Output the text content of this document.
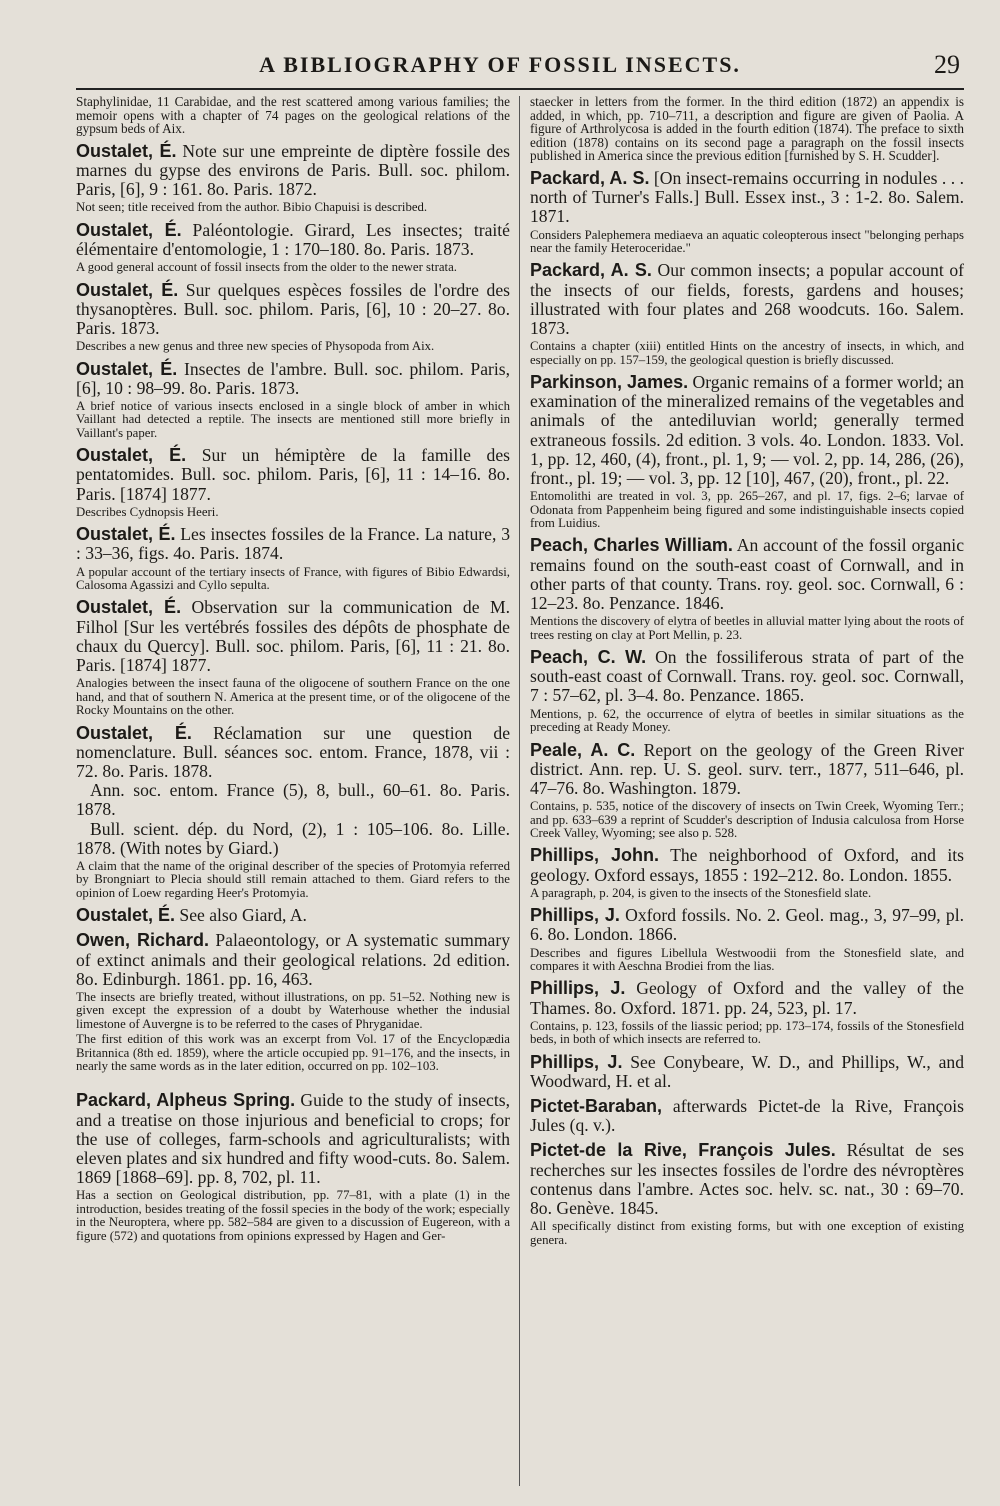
A BIBLIOGRAPHY OF FOSSIL INSECTS.	29

Staphylinidae, 11 Carabidae, and the rest scattered among various families; the memoir opens with a chapter of 74 pages on the geological relations of the gypsum beds of Aix.

Oustalet, É. Note sur une empreinte de diptère fossile des marnes du gypse des environs de Paris. Bull. soc. philom. Paris, [6], 9 : 161. 8o. Paris. 1872.

Not seen; title received from the author. Bibio Chapuisi is described.

Oustalet, É. Paléontologie. Girard, Les insectes; traité élémentaire d'entomologie, 1 : 170–180. 8o. Paris. 1873.

A good general account of fossil insects from the older to the newer strata.

Oustalet, É. Sur quelques espèces fossiles de l'ordre des thysanoptères. Bull. soc. philom. Paris, [6], 10 : 20–27. 8o. Paris. 1873.

Describes a new genus and three new species of Physopoda from Aix.

Oustalet, É. Insectes de l'ambre. Bull. soc. philom. Paris, [6], 10 : 98–99. 8o. Paris. 1873.

A brief notice of various insects enclosed in a single block of amber in which Vaillant had detected a reptile. The insects are mentioned still more briefly in Vaillant's paper.

Oustalet, É. Sur un hémiptère de la famille des pentatomides. Bull. soc. philom. Paris, [6], 11 : 14–16. 8o. Paris. [1874] 1877.

Describes Cydnopsis Heeri.

Oustalet, É. Les insectes fossiles de la France. La nature, 3 : 33–36, figs. 4o. Paris. 1874.

A popular account of the tertiary insects of France, with figures of Bibio Edwardsi, Calosoma Agassizi and Cyllo sepulta.

Oustalet, É. Observation sur la communication de M. Filhol [Sur les vertébrés fossiles des dépôts de phosphate de chaux du Quercy]. Bull. soc. philom. Paris, [6], 11 : 21. 8o. Paris. [1874] 1877.

Analogies between the insect fauna of the oligocene of southern France on the one hand, and that of southern N. America at the present time, or of the oligocene of the Rocky Mountains on the other.

Oustalet, É. Réclamation sur une question de nomenclature. Bull. séances soc. entom. France, 1878, vii : 72. 8o. Paris. 1878.

Ann. soc. entom. France (5), 8, bull., 60–61. 8o. Paris. 1878.

Bull. scient. dép. du Nord, (2), 1 : 105–106. 8o. Lille. 1878. (With notes by Giard.)

A claim that the name of the original describer of the species of Protomyia referred by Brongniart to Plecia should still remain attached to them. Giard refers to the opinion of Loew regarding Heer's Protomyia.

Oustalet, É. See also Giard, A.

Owen, Richard. Palaeontology, or A systematic summary of extinct animals and their geological relations. 2d edition. 8o. Edinburgh. 1861. pp. 16, 463.

The insects are briefly treated, without illustrations, on pp. 51–52. Nothing new is given except the expression of a doubt by Waterhouse whether the indusial limestone of Auvergne is to be referred to the cases of Phryganidae.

The first edition of this work was an excerpt from Vol. 17 of the Encyclopædia Britannica (8th ed. 1859), where the article occupied pp. 91–176, and the insects, in nearly the same words as in the later edition, occurred on pp. 102–103.

Packard, Alpheus Spring. Guide to the study of insects, and a treatise on those injurious and beneficial to crops; for the use of colleges, farm-schools and agriculturalists; with eleven plates and six hundred and fifty wood-cuts. 8o. Salem. 1869 [1868–69]. pp. 8, 702, pl. 11.

Has a section on Geological distribution, pp. 77–81, with a plate (1) in the introduction, besides treating of the fossil species in the body of the work; especially in the Neuroptera, where pp. 582–584 are given to a discussion of Eugereon, with a figure (572) and quotations from opinions expressed by Hagen and Ger-

staecker in letters from the former. In the third edition (1872) an appendix is added, in which, pp. 710–711, a description and figure are given of Paolia. A figure of Arthrolycosa is added in the fourth edition (1874). The preface to sixth edition (1878) contains on its second page a paragraph on the fossil insects published in America since the previous edition [furnished by S. H. Scudder].

Packard, A. S. [On insect-remains occurring in nodules . . . north of Turner's Falls.] Bull. Essex inst., 3 : 1-2. 8o. Salem. 1871.

Considers Palephemera mediaeva an aquatic coleopterous insect "belonging perhaps near the family Heteroceridae."

Packard, A. S. Our common insects; a popular account of the insects of our fields, forests, gardens and houses; illustrated with four plates and 268 woodcuts. 16o. Salem. 1873.

Contains a chapter (xiii) entitled Hints on the ancestry of insects, in which, and especially on pp. 157–159, the geological question is briefly discussed.

Parkinson, James. Organic remains of a former world; an examination of the mineralized remains of the vegetables and animals of the antediluvian world; generally termed extraneous fossils. 2d edition. 3 vols. 4o. London. 1833. Vol. 1, pp. 12, 460, (4), front., pl. 1, 9; — vol. 2, pp. 14, 286, (26), front., pl. 19; — vol. 3, pp. 12 [10], 467, (20), front., pl. 22.

Entomolithi are treated in vol. 3, pp. 265–267, and pl. 17, figs. 2–6; larvae of Odonata from Pappenheim being figured and some indistinguishable insects copied from Luidius.

Peach, Charles William. An account of the fossil organic remains found on the south-east coast of Cornwall, and in other parts of that county. Trans. roy. geol. soc. Cornwall, 6 : 12–23. 8o. Penzance. 1846.

Mentions the discovery of elytra of beetles in alluvial matter lying about the roots of trees resting on clay at Port Mellin, p. 23.

Peach, C. W. On the fossiliferous strata of part of the south-east coast of Cornwall. Trans. roy. geol. soc. Cornwall, 7 : 57–62, pl. 3–4. 8o. Penzance. 1865.

Mentions, p. 62, the occurrence of elytra of beetles in similar situations as the preceding at Ready Money.

Peale, A. C. Report on the geology of the Green River district. Ann. rep. U. S. geol. surv. terr., 1877, 511–646, pl. 47–76. 8o. Washington. 1879.

Contains, p. 535, notice of the discovery of insects on Twin Creek, Wyoming Terr.; and pp. 633–639 a reprint of Scudder's description of Indusia calculosa from Horse Creek Valley, Wyoming; see also p. 528.

Phillips, John. The neighborhood of Oxford, and its geology. Oxford essays, 1855 : 192–212. 8o. London. 1855.

A paragraph, p. 204, is given to the insects of the Stonesfield slate.

Phillips, J. Oxford fossils. No. 2. Geol. mag., 3, 97–99, pl. 6. 8o. London. 1866.

Describes and figures Libellula Westwoodii from the Stonesfield slate, and compares it with Aeschna Brodiei from the lias.

Phillips, J. Geology of Oxford and the valley of the Thames. 8o. Oxford. 1871. pp. 24, 523, pl. 17.

Contains, p. 123, fossils of the liassic period; pp. 173–174, fossils of the Stonesfield beds, in both of which insects are referred to.

Phillips, J. See Conybeare, W. D., and Phillips, W., and Woodward, H. et al.

Pictet-Baraban, afterwards Pictet-de la Rive, François Jules (q. v.).

Pictet-de la Rive, François Jules. Résultat de ses recherches sur les insectes fossiles de l'ordre des névroptères contenus dans l'ambre. Actes soc. helv. sc. nat., 30 : 69–70. 8o. Genève. 1845.

All specifically distinct from existing forms, but with one exception of existing genera.
